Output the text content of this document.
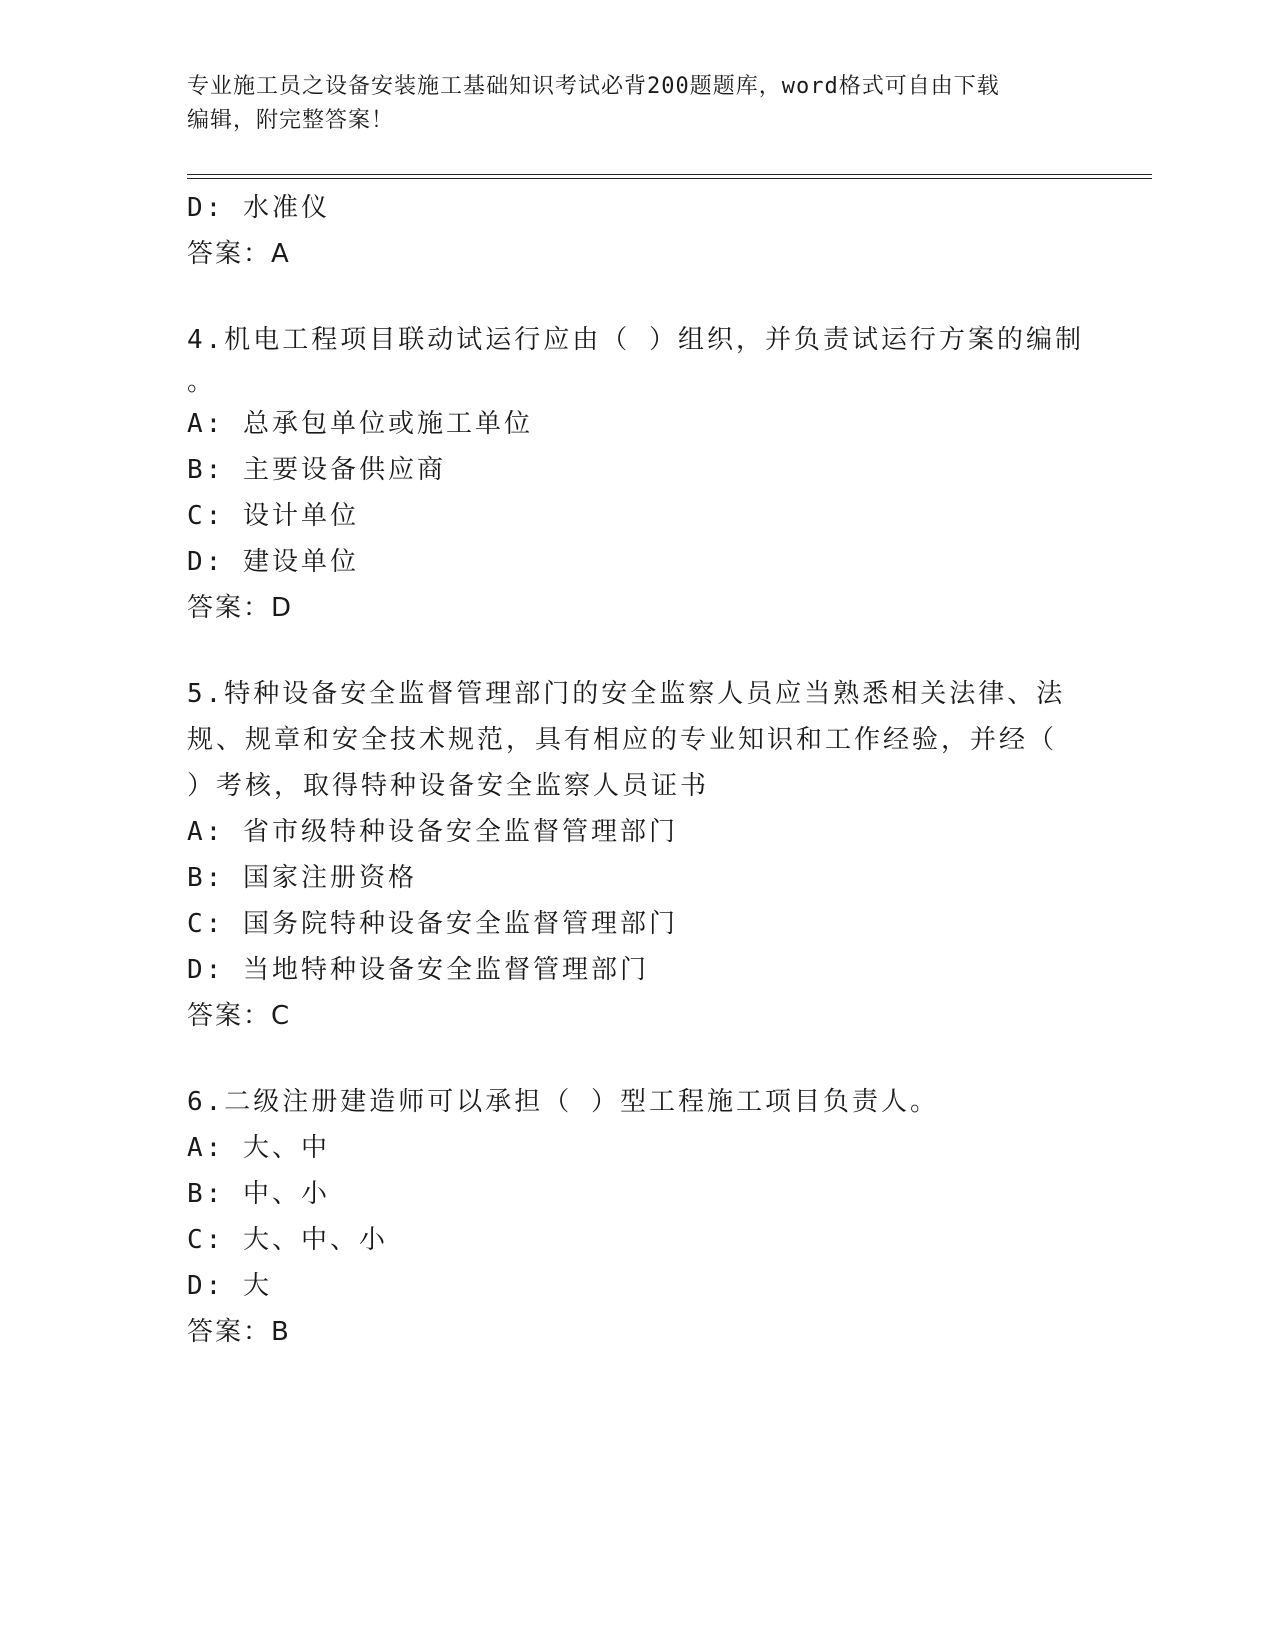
专业施工员之设备安装施工基础知识考试必背200题题库，word格式可自由下载
编辑，附完整答案！

D: 水准仪

答案：A

4.机电工程项目联动试运行应由（ ）组织，并负责试运行方案的编制
。

A: 总承包单位或施工单位

B: 主要设备供应商

C: 设计单位

D: 建设单位

答案：D

5.特种设备安全监督管理部门的安全监察人员应当熟悉相关法律、法
规、规章和安全技术规范，具有相应的专业知识和工作经验，并经（
）考核，取得特种设备安全监察人员证书

A: 省市级特种设备安全监督管理部门

B: 国家注册资格

C: 国务院特种设备安全监督管理部门

D: 当地特种设备安全监督管理部门

答案：C

6.二级注册建造师可以承担（ ）型工程施工项目负责人。

A: 大、中

B: 中、小

C: 大、中、小

D: 大

答案：B
